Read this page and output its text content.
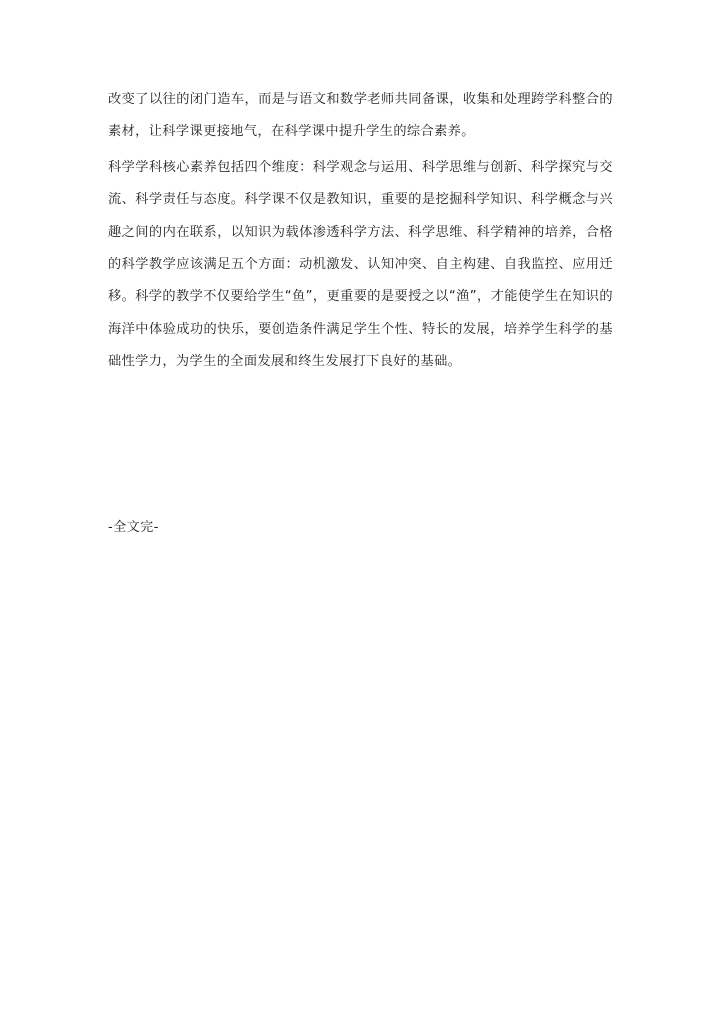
改变了以往的闭门造车，而是与语文和数学老师共同备课，收集和处理跨学科整合的素材，让科学课更接地气，在科学课中提升学生的综合素养。

科学学科核心素养包括四个维度：科学观念与运用、科学思维与创新、科学探究与交流、科学责任与态度。科学课不仅是教知识，重要的是挖掘科学知识、科学概念与兴趣之间的内在联系，以知识为载体渗透科学方法、科学思维、科学精神的培养，合格的科学教学应该满足五个方面：动机激发、认知冲突、自主构建、自我监控、应用迁移。科学的教学不仅要给学生“鱼”，更重要的是要授之以“渔”，才能使学生在知识的海洋中体验成功的快乐，要创造条件满足学生个性、特长的发展，培养学生科学的基础性学力，为学生的全面发展和终生发展打下良好的基础。

-全文完-
